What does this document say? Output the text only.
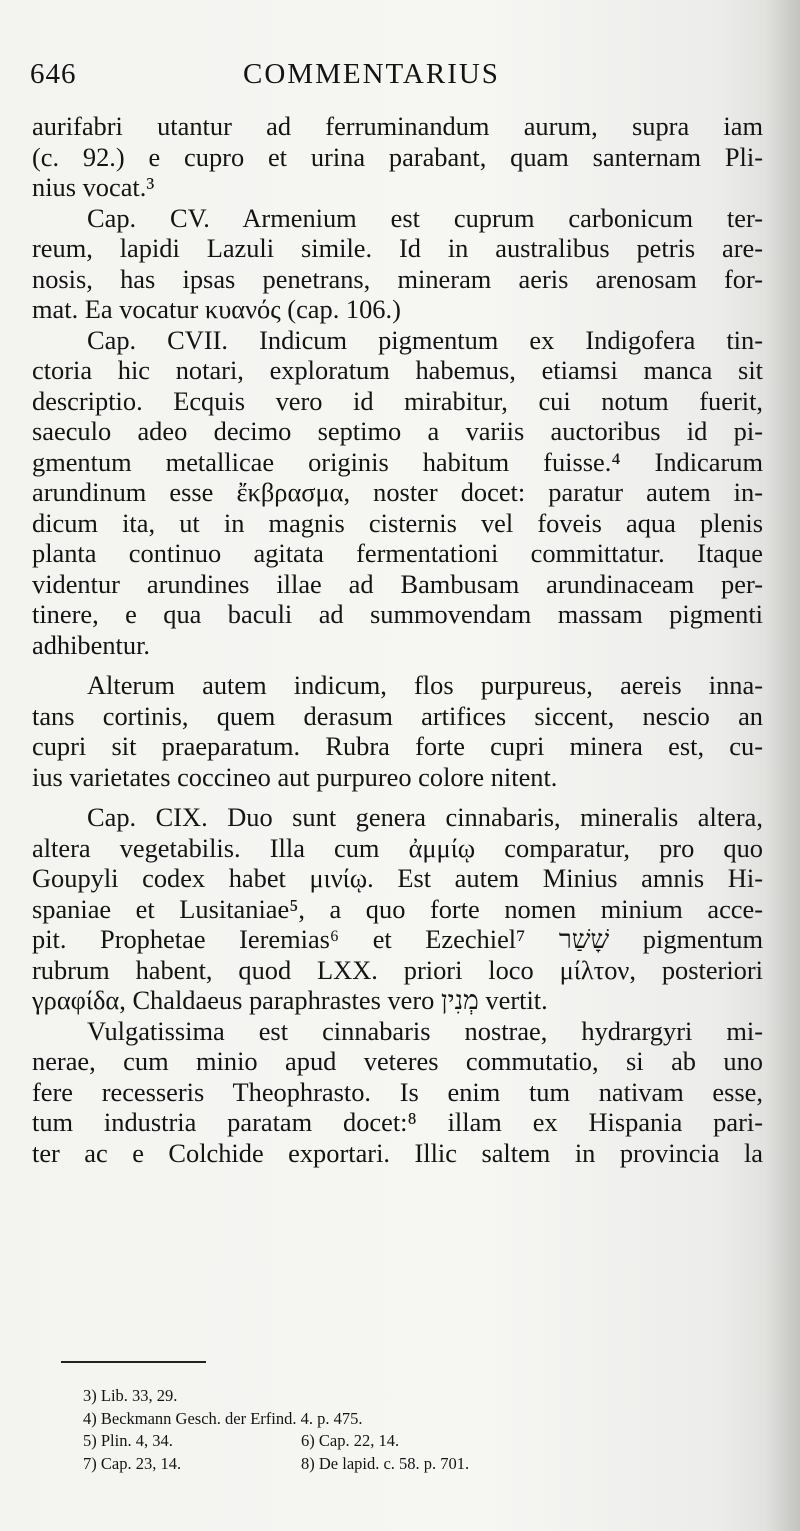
646	COMMENTARIUS
aurifabri utantur ad ferruminandum aurum, supra iam
(c. 92.) e cupro et urina parabant, quam santernam Pli-
nius vocat.³
Cap. CV. Armenium est cuprum carbonicum ter-
reum, lapidi Lazuli simile. Id in australibus petris are-
nosis, has ipsas penetrans, mineram aeris arenosam for-
mat. Ea vocatur κυανός (cap. 106.)
Cap. CVII. Indicum pigmentum ex Indigofera tin-
ctoria hic notari, exploratum habemus, etiamsi manca sit
descriptio. Ecquis vero id mirabitur, cui notum fuerit,
saeculo adeo decimo septimo a variis auctoribus id pi-
gmentum metallicae originis habitum fuisse.⁴ Indicarum
arundinum esse ἔκβρασμα, noster docet: paratur autem in-
dicum ita, ut in magnis cisternis vel foveis aqua plenis
planta continuo agitata fermentationi committatur. Itaque
videntur arundines illae ad Bambusam arundinaceam per-
tinere, e qua baculi ad summovendam massam pigmenti
adhibentur.
Alterum autem indicum, flos purpureus, aereis inna-
tans cortinis, quem derasum artifices siccent, nescio an
cupri sit praeparatum. Rubra forte cupri minera est, cu-
ius varietates coccineo aut purpureo colore nitent.
Cap. CIX. Duo sunt genera cinnabaris, mineralis altera,
altera vegetabilis. Illa cum ἀμμίῳ comparatur, pro quo
Goupyli codex habet μινίῳ. Est autem Minius amnis Hi-
spaniae et Lusitaniae⁵, a quo forte nomen minium acce-
pit. Prophetae Ieremias⁶ et Ezechiel⁷ שָׁשַׁר pigmentum
rubrum habent, quod LXX. priori loco μίλτον, posteriori
γραφίδα, Chaldaeus paraphrastes vero מְנִין vertit.
Vulgatissima est cinnabaris nostrae, hydrargyri mi-
nerae, cum minio apud veteres commutatio, si ab uno
fere recesseris Theophrasto. Is enim tum nativam esse,
tum industria paratam docet:⁸ illam ex Hispania pari-
ter ac e Colchide exportari. Illic saltem in provincia la
3) Lib. 33, 29.
4) Beckmann Gesch. der Erfind. 4. p. 475.
5) Plin. 4, 34.	6) Cap. 22, 14.
7) Cap. 23, 14.	8) De lapid. c. 58. p. 701.
